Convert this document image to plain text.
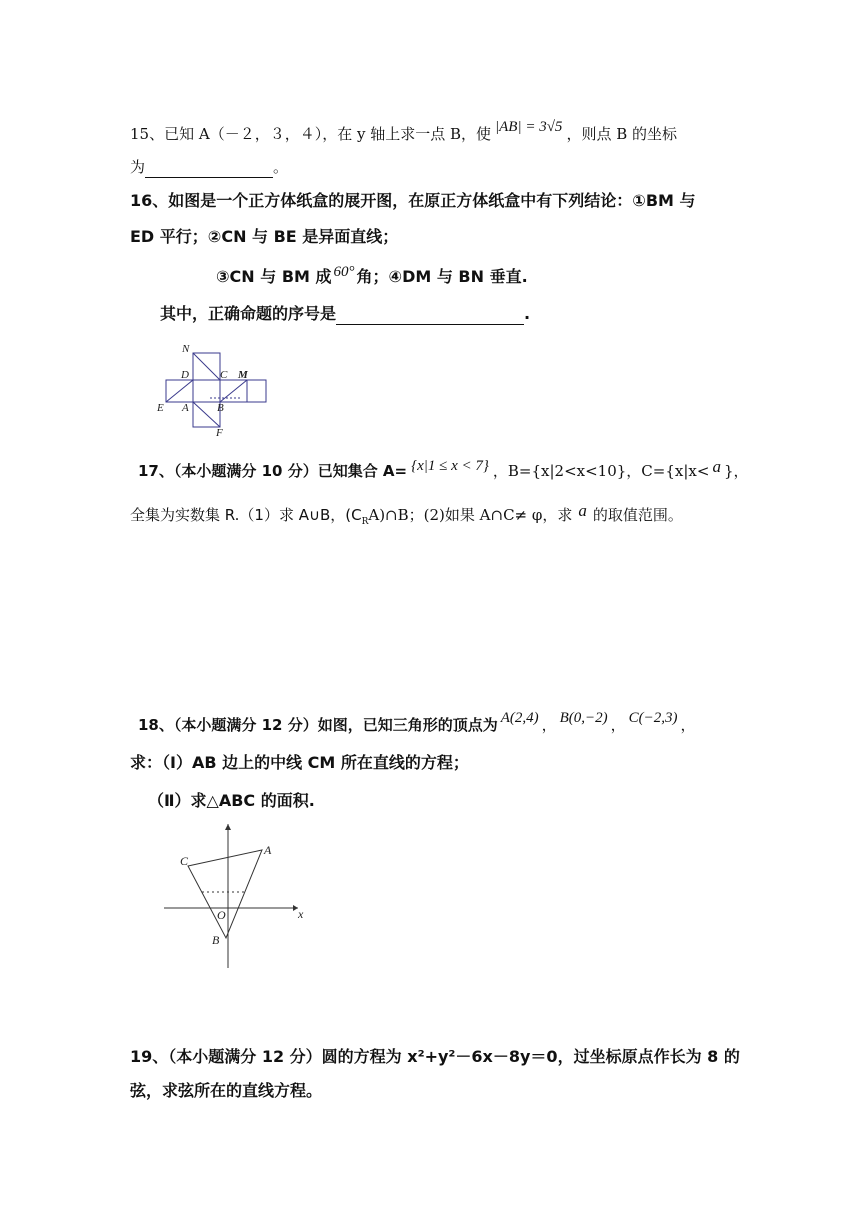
15、已知 A（－２，３，４），在 y 轴上求一点 B，使 |AB| = 3√5 ，则点 B 的坐标
为	。
16、如图是一个正方体纸盒的展开图，在原正方体纸盒中有下列结论：①BM 与
ED 平行；②CN 与 BE 是异面直线；
③CN 与 BM 成 60° 角；④DM 与 BN 垂直.
其中，正确命题的序号是	.
N
D	C M
E A	B
F
17、（本小题满分 10 分）已知集合 A= {x|1 ≤ x < 7} ，B={x|2<x<10}，C={x|x< a }，
全集为实数集 R.（1）求 A∪B，$(C_RA)\cap B$；(2)如果 A∩C≠ φ，求 a 的取值范围。
18、（本小题满分 12 分）如图，已知三角形的顶点为 A(2,4) ， B(0,−2) ， C(−2,3) ，
求：（Ⅰ）AB 边上的中线 CM 所在直线的方程；
（Ⅱ）求△ABC 的面积.
C
A
O
B
x
19、（本小题满分 12 分）圆的方程为 x²+y²－6x－8y＝0，过坐标原点作长为 8 的
弦，求弦所在的直线方程。
